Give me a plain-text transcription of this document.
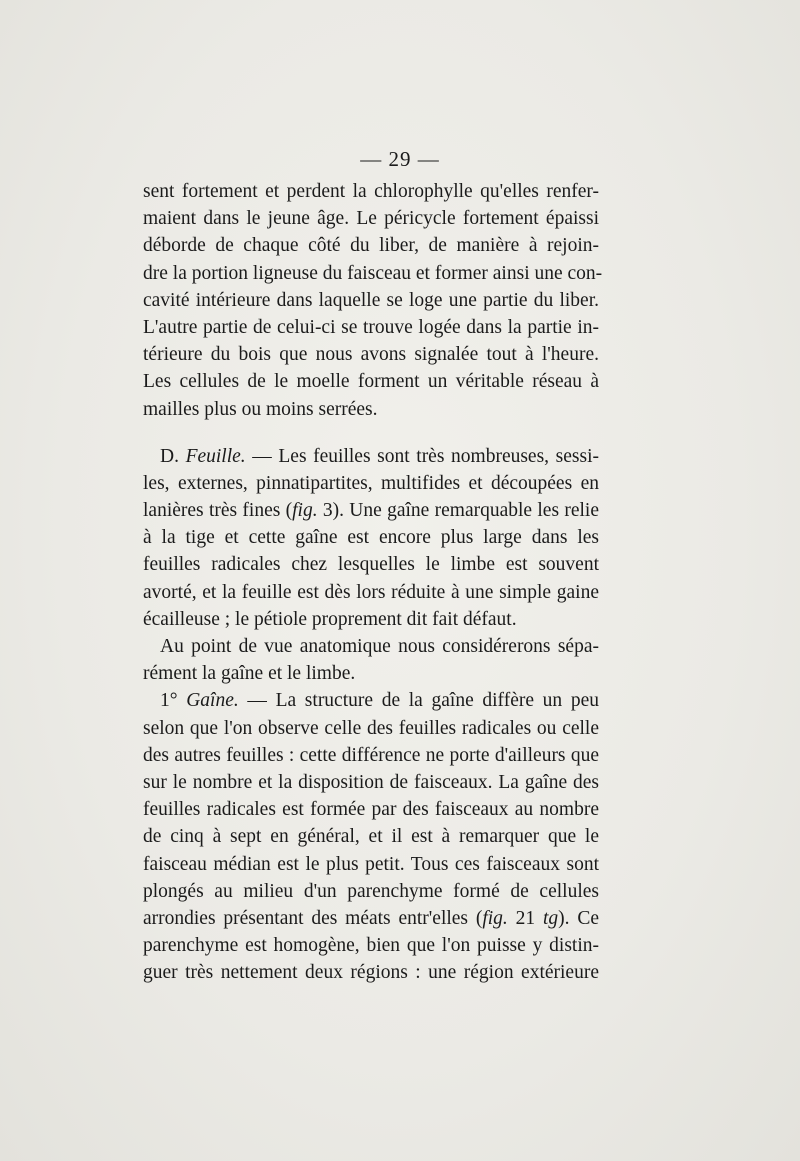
— 29 —
sent fortement et perdent la chlorophylle qu'elles renfer-
maient dans le jeune âge. Le péricycle fortement épaissi
déborde de chaque côté du liber, de manière à rejoin-
dre la portion ligneuse du faisceau et former ainsi une con-
cavité intérieure dans laquelle se loge une partie du liber.
L'autre partie de celui-ci se trouve logée dans la partie in-
térieure du bois que nous avons signalée tout à l'heure.
Les cellules de le moelle forment un véritable réseau à
mailles plus ou moins serrées.
D. Feuille. — Les feuilles sont très nombreuses, sessi-
les, externes, pinnatipartites, multifides et découpées en
lanières très fines (fig. 3). Une gaîne remarquable les relie
à la tige et cette gaîne est encore plus large dans les
feuilles radicales chez lesquelles le limbe est souvent
avorté, et la feuille est dès lors réduite à une simple gaine
écailleuse ; le pétiole proprement dit fait défaut.
Au point de vue anatomique nous considérerons sépa-
rément la gaîne et le limbe.
1° Gaîne. — La structure de la gaîne diffère un peu
selon que l'on observe celle des feuilles radicales ou celle
des autres feuilles : cette différence ne porte d'ailleurs que
sur le nombre et la disposition de faisceaux. La gaîne des
feuilles radicales est formée par des faisceaux au nombre
de cinq à sept en général, et il est à remarquer que le
faisceau médian est le plus petit. Tous ces faisceaux sont
plongés au milieu d'un parenchyme formé de cellules
arrondies présentant des méats entr'elles (fig. 21 tg). Ce
parenchyme est homogène, bien que l'on puisse y distin-
guer très nettement deux régions : une région extérieure
